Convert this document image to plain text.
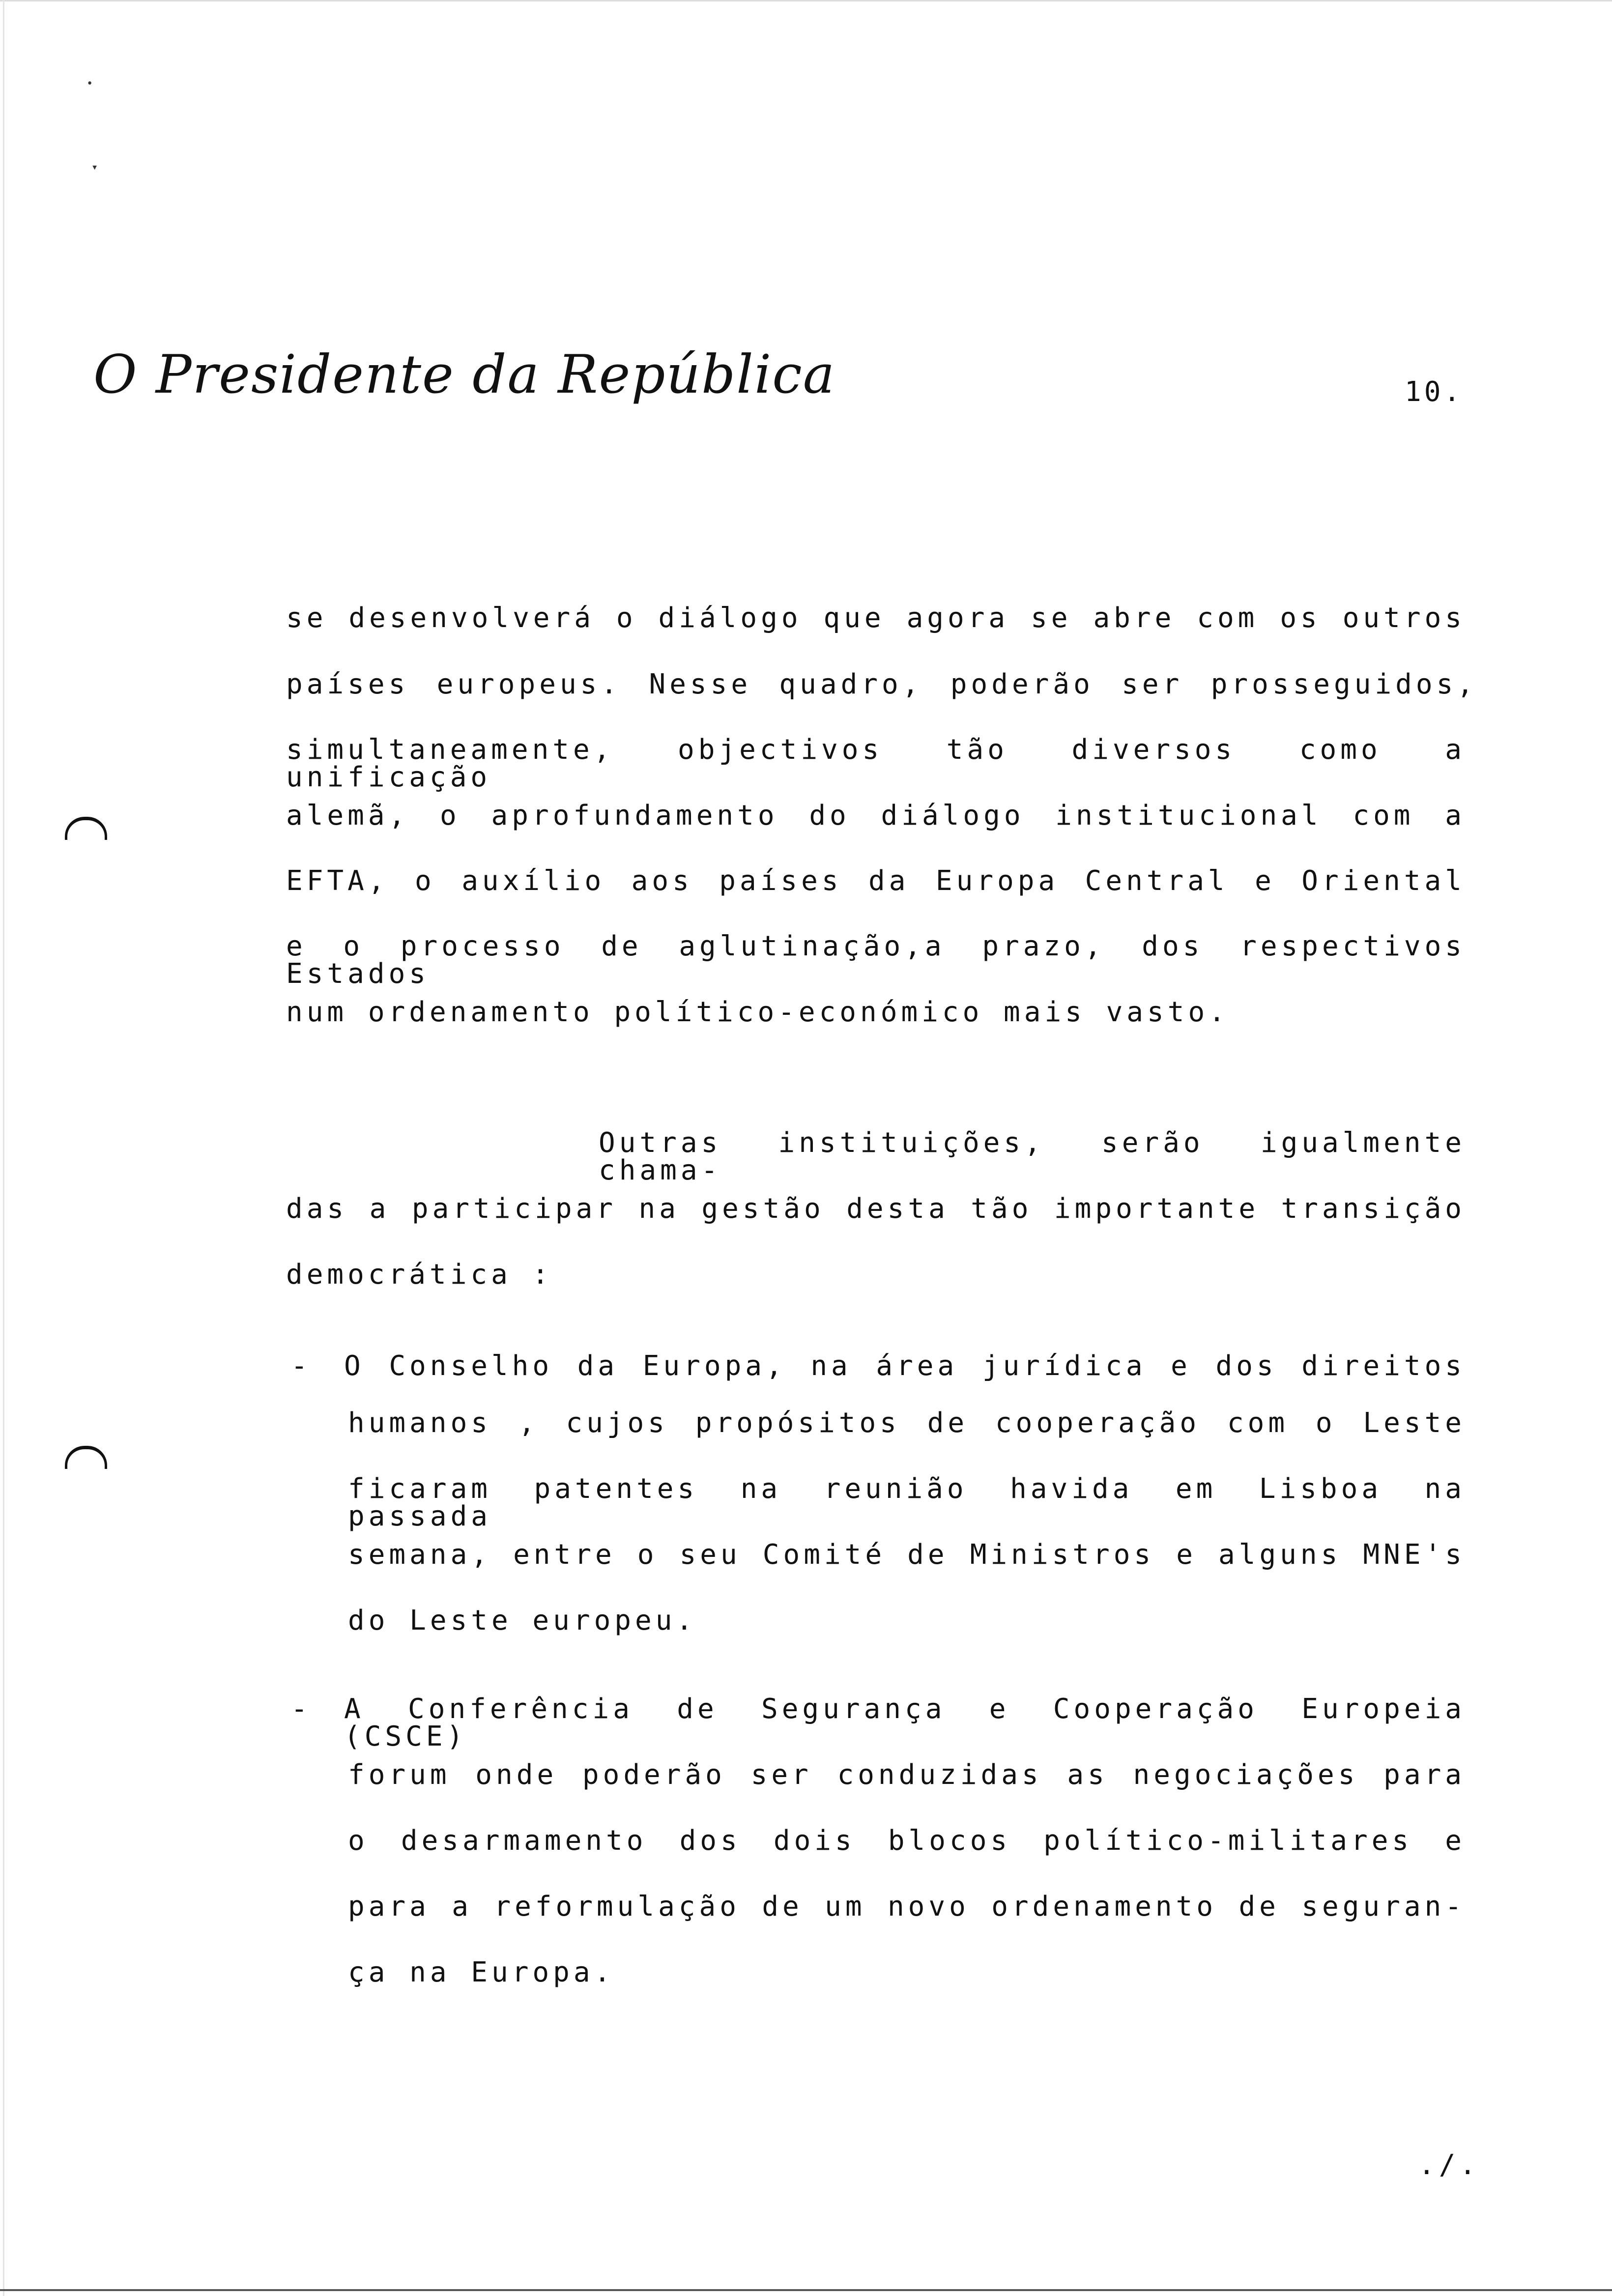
•
▾
O Presidente da República	10.
se desenvolverá o diálogo que agora se abre com os outros
países europeus. Nesse quadro, poderão ser prosseguidos,
simultaneamente, objectivos tão diversos como a unificação
alemã, o aprofundamento do diálogo institucional com a
EFTA, o auxílio aos países da Europa Central e Oriental
e o processo de aglutinação,a prazo, dos respectivos Estados
num ordenamento político-económico mais vasto.
Outras instituições, serão igualmente chama-
das a participar na gestão desta tão importante transição
democrática :
- O Conselho da Europa, na área jurídica e dos direitos
humanos , cujos propósitos de cooperação com o Leste
ficaram patentes na reunião havida em Lisboa na passada
semana, entre o seu Comité de Ministros e alguns MNE's
do Leste europeu.
- A Conferência de Segurança e Cooperação Europeia (CSCE)
forum onde poderão ser conduzidas as negociações para
o desarmamento dos dois blocos político-militares e
para a reformulação de um novo ordenamento de seguran-
ça na Europa.
./.
